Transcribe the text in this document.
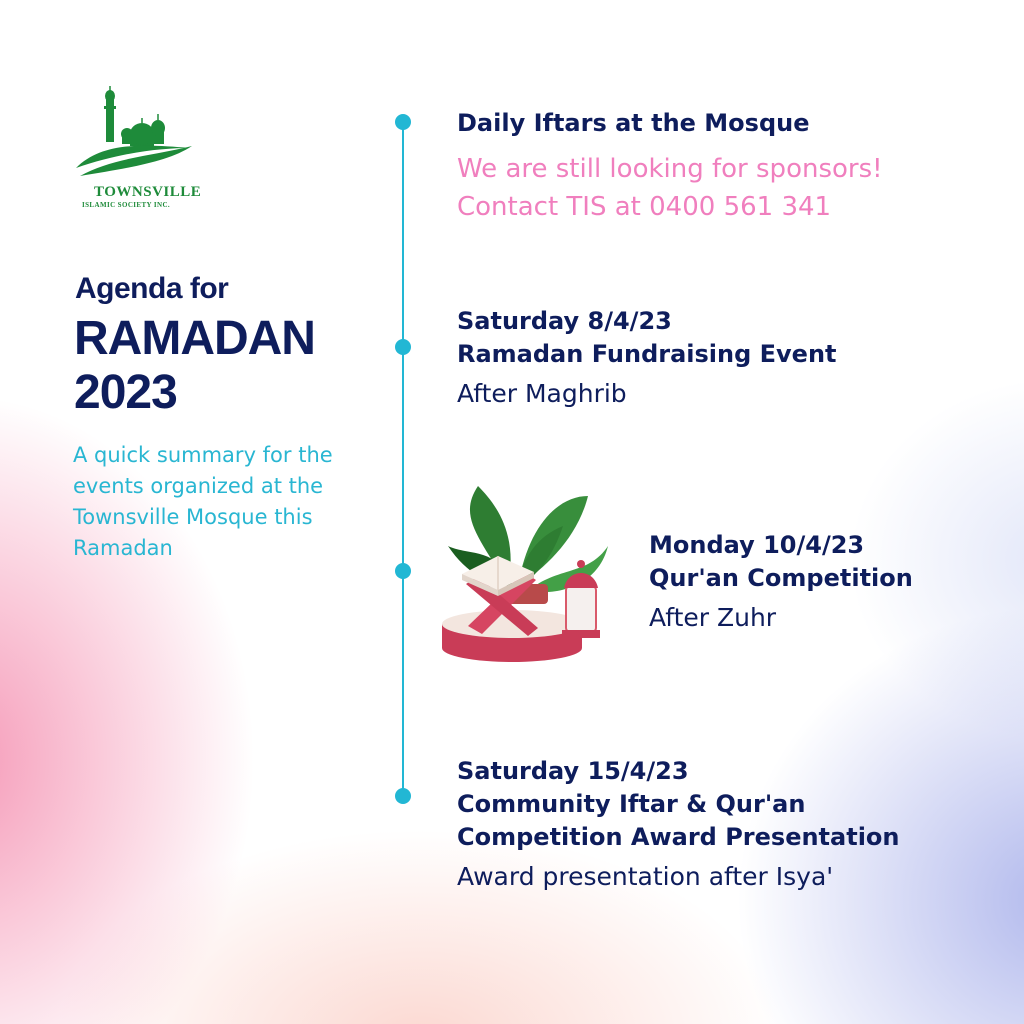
TOWNSVILLE
ISLAMIC SOCIETY INC.
Agenda for
RAMADAN
2023
A quick summary for the events organized at the Townsville Mosque this Ramadan
Daily Iftars at the Mosque
We are still looking for sponsors!
Contact TIS at 0400 561 341
Saturday 8/4/23
Ramadan Fundraising Event
After Maghrib
Monday 10/4/23
Qur'an Competition
After Zuhr
Saturday 15/4/23
Community Iftar & Qur'an
Competition Award Presentation
Award presentation after Isya'
